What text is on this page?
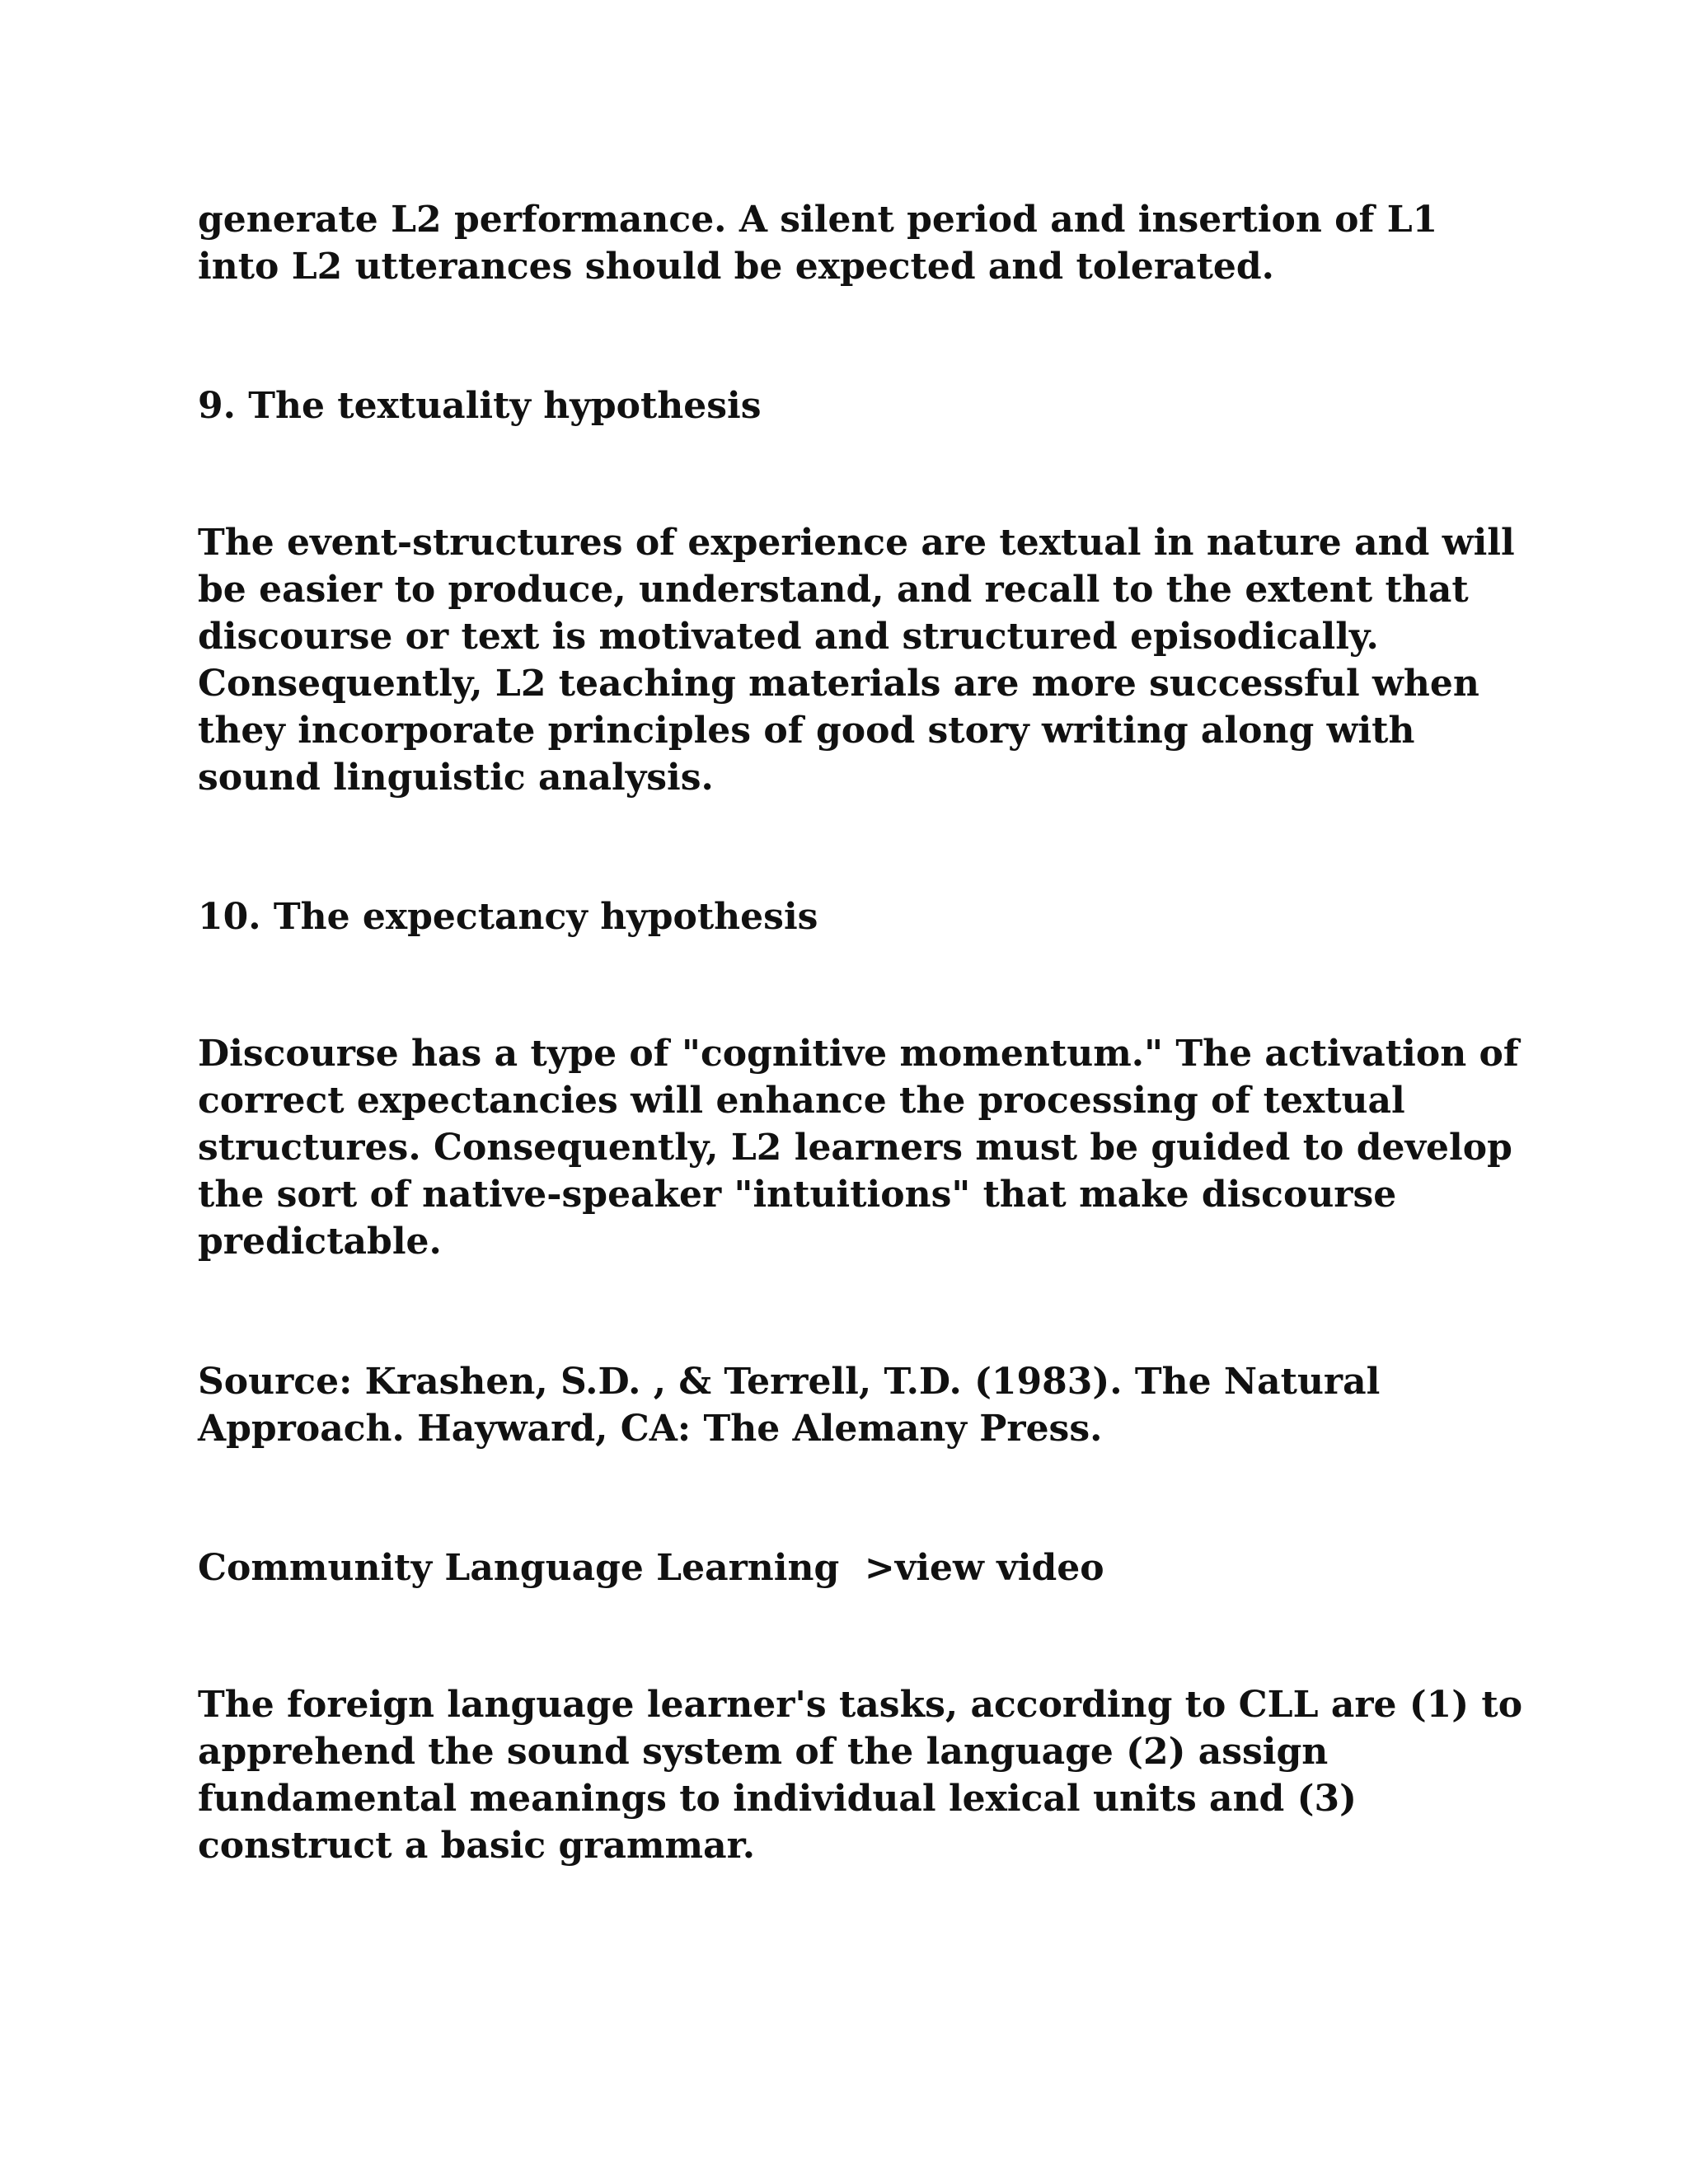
generate L2 performance. A silent period and insertion of L1
into L2 utterances should be expected and tolerated.

9. The textuality hypothesis

The event-structures of experience are textual in nature and will
be easier to produce, understand, and recall to the extent that
discourse or text is motivated and structured episodically.
Consequently, L2 teaching materials are more successful when
they incorporate principles of good story writing along with
sound linguistic analysis.

10. The expectancy hypothesis

Discourse has a type of "cognitive momentum." The activation of
correct expectancies will enhance the processing of textual
structures. Consequently, L2 learners must be guided to develop
the sort of native-speaker "intuitions" that make discourse
predictable.

Source: Krashen, S.D. , & Terrell, T.D. (1983). The Natural
Approach. Hayward, CA: The Alemany Press.

Community Language Learning >view video

The foreign language learner's tasks, according to CLL are (1) to
apprehend the sound system of the language (2) assign
fundamental meanings to individual lexical units and (3)
construct a basic grammar.
